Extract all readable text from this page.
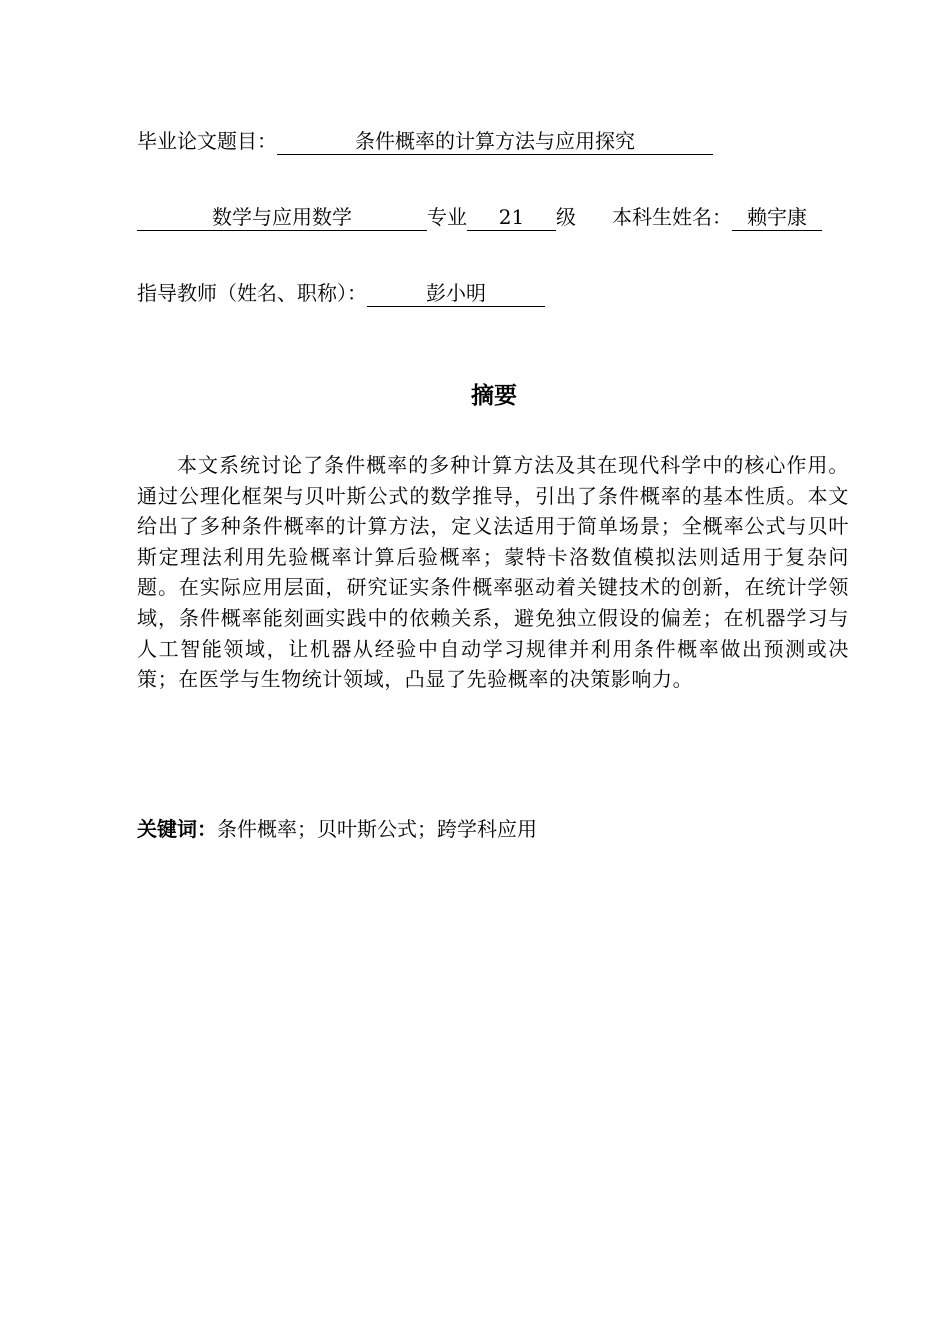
毕业论文题目：	条件概率的计算方法与应用探究
数学与应用数学	专业 21 级 本科生姓名： 赖宇康
指导教师（姓名、职称）：	彭小明
摘要
本文系统讨论了条件概率的多种计算方法及其在现代科学中的核心作用。通过公理化框架与贝叶斯公式的数学推导，引出了条件概率的基本性质。本文给出了多种条件概率的计算方法，定义法适用于简单场景；全概率公式与贝叶斯定理法利用先验概率计算后验概率；蒙特卡洛数值模拟法则适用于复杂问题。在实际应用层面，研究证实条件概率驱动着关键技术的创新，在统计学领域，条件概率能刻画实践中的依赖关系，避免独立假设的偏差；在机器学习与人工智能领域，让机器从经验中自动学习规律并利用条件概率做出预测或决策；在医学与生物统计领域，凸显了先验概率的决策影响力。
关键词：条件概率；贝叶斯公式；跨学科应用
